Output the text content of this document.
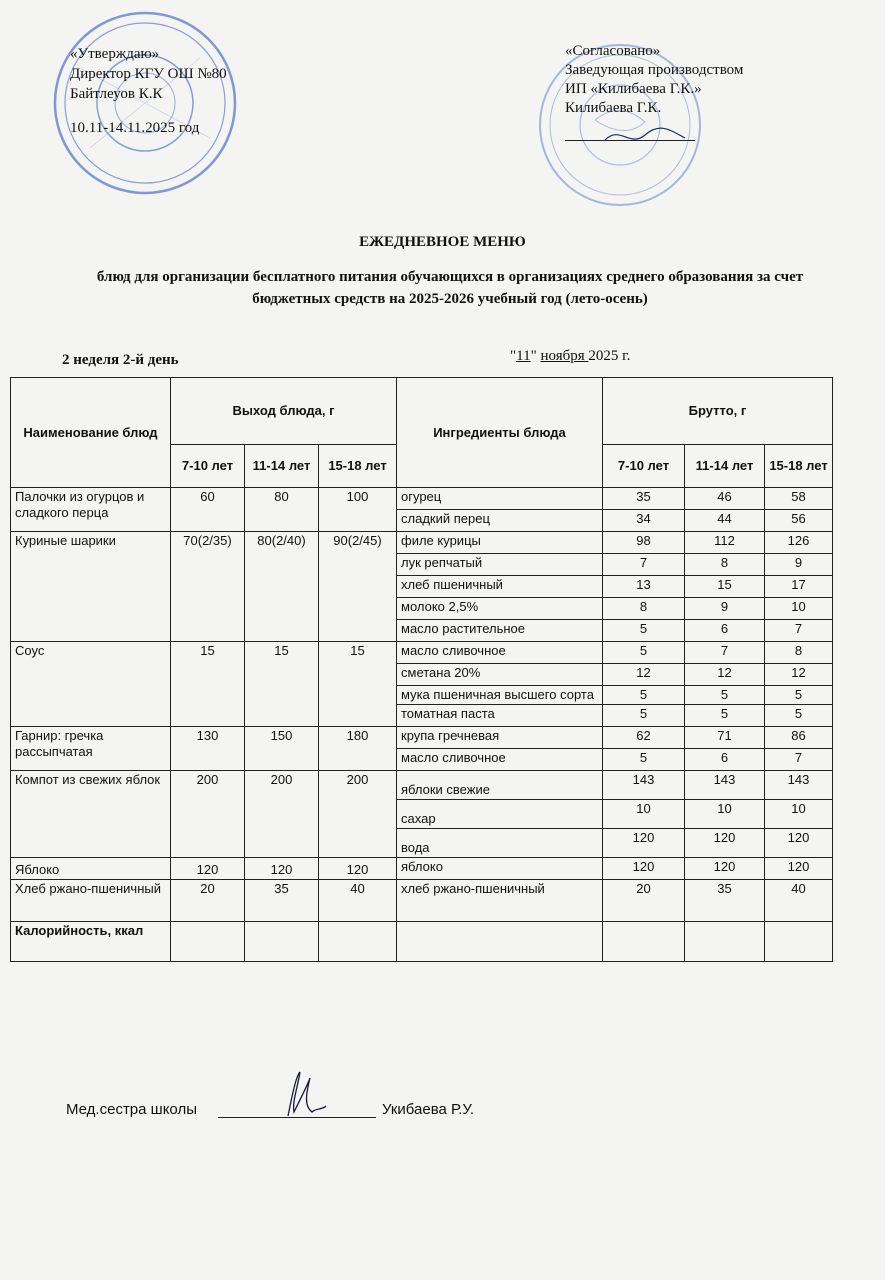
«Утверждаю»
Директор КГУ ОШ №80
Байтлеуов К.К
10.11-14.11.2025 год
«Согласовано»
Заведующая производством
ИП «Килибаева Г.К.»
Килибаева Г.К.
ЕЖЕДНЕВНОЕ МЕНЮ
блюд для организации бесплатного питания обучающихся в организациях среднего образования за счет бюджетных средств на 2025-2026 учебный год (лето-осень)
2 неделя 2-й день	"11" ноября 2025 г.
Наименование блюд	Выход блюда, г			Ингредиенты блюда	Брутто, г		
	7-10 лет	11-14 лет	15-18 лет		7-10 лет	11-14 лет	15-18 лет
Палочки из огурцов и сладкого перца	60	80	100	огурец	35	46	58
				сладкий перец	34	44	56
Куриные шарики	70(2/35)	80(2/40)	90(2/45)	филе курицы	98	112	126
				лук репчатый	7	8	9
				хлеб пшеничный	13	15	17
				молоко 2,5%	8	9	10
				масло растительное	5	6	7
Соус	15	15	15	масло сливочное	5	7	8
				сметана 20%	12	12	12
				мука пшеничная высшего сорта	5	5	5
				томатная паста	5	5	5
Гарнир: гречка рассыпчатая	130	150	180	крупа гречневая	62	71	86
				масло сливочное	5	6	7
Компот из свежих яблок	200	200	200	яблоки свежие	143	143	143
				сахар	10	10	10
				вода	120	120	120
Яблоко	120	120	120	яблоко	120	120	120
Хлеб ржано-пшеничный	20	35	40	хлеб ржано-пшеничный	20	35	40
Калорийность, ккал							
Мед.сестра школы	Укибаева Р.У.
